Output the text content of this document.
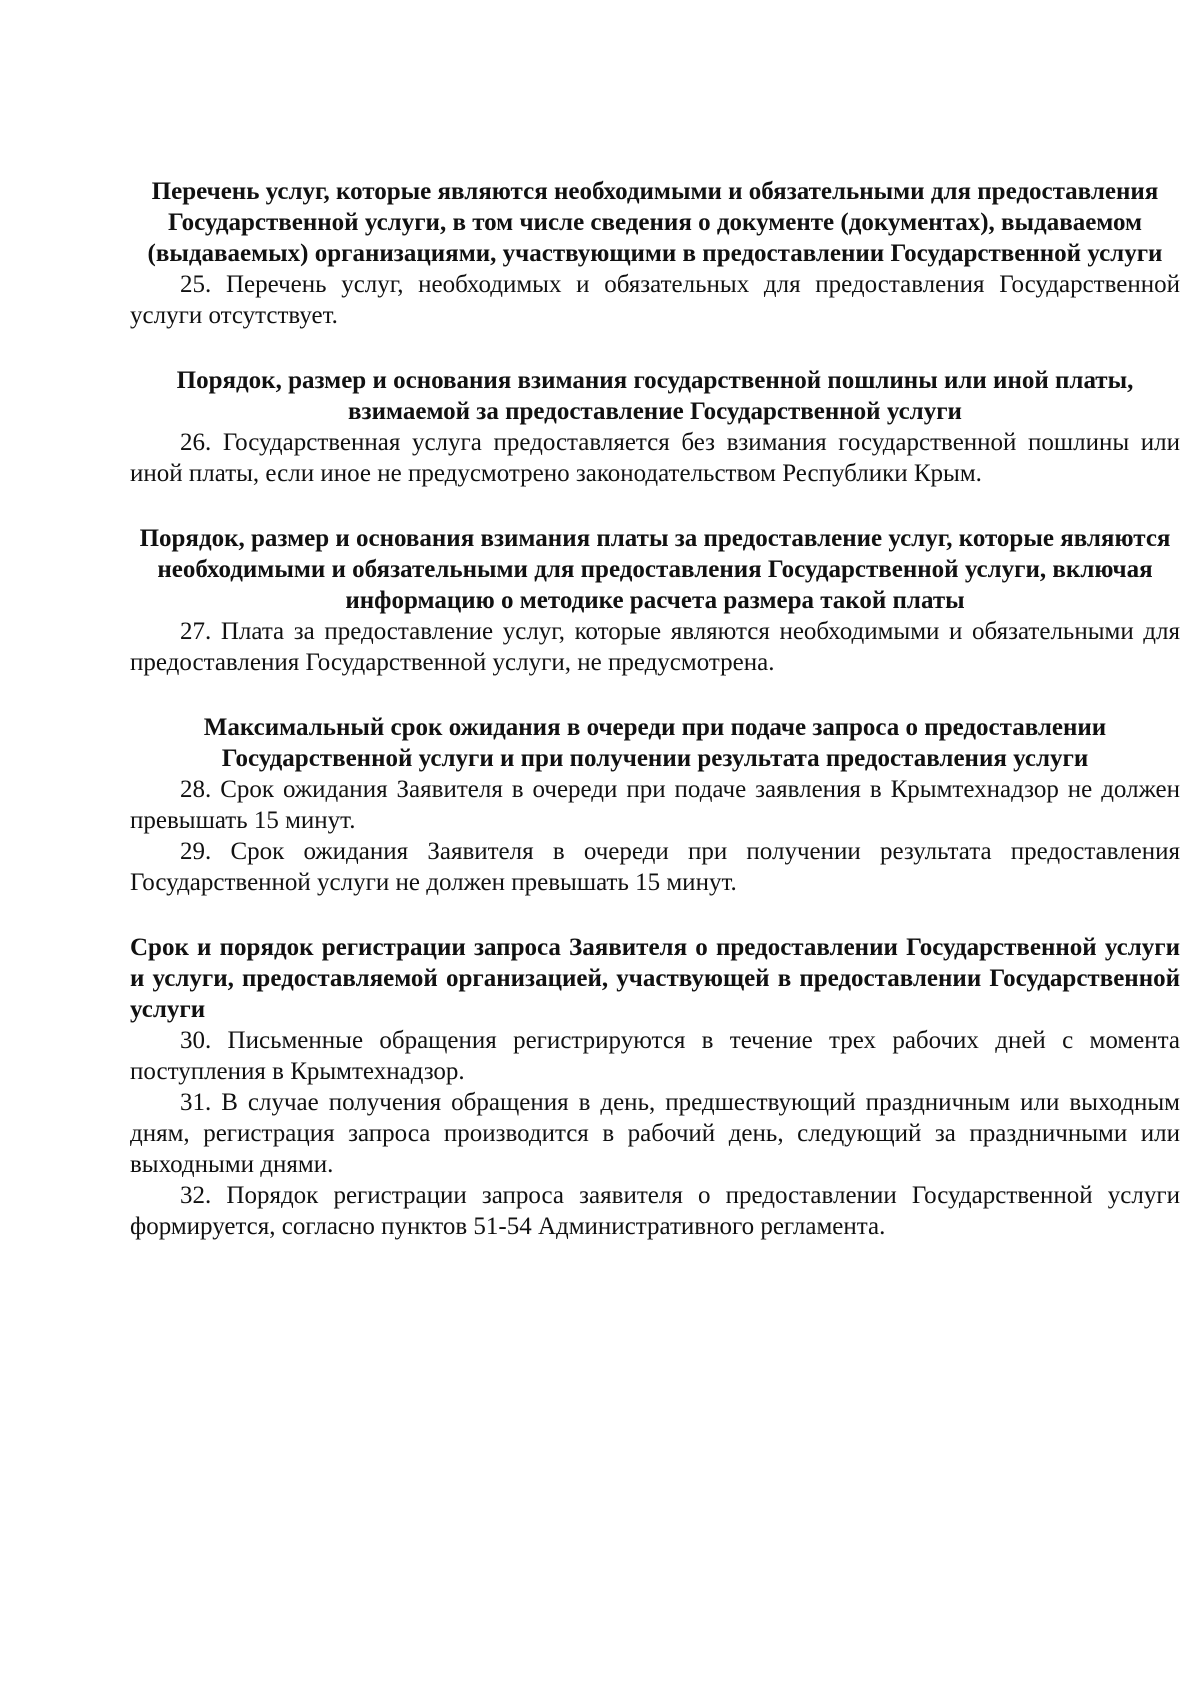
Перечень услуг, которые являются необходимыми и обязательными для предоставления Государственной услуги, в том числе сведения о документе (документах), выдаваемом (выдаваемых) организациями, участвующими в предоставлении Государственной услуги

25. Перечень услуг, необходимых и обязательных для предоставления Государственной услуги отсутствует.

Порядок, размер и основания взимания государственной пошлины или иной платы, взимаемой за предоставление Государственной услуги

26. Государственная услуга предоставляется без взимания государственной пошлины или иной платы, если иное не предусмотрено законодательством Республики Крым.

Порядок, размер и основания взимания платы за предоставление услуг, которые являются необходимыми и обязательными для предоставления Государственной услуги, включая информацию о методике расчета размера такой платы

27. Плата за предоставление услуг, которые являются необходимыми и обязательными для предоставления Государственной услуги, не предусмотрена.

Максимальный срок ожидания в очереди при подаче запроса о предоставлении Государственной услуги и при получении результата предоставления услуги

28. Срок ожидания Заявителя в очереди при подаче заявления в Крымтехнадзор не должен превышать 15 минут.

29. Срок ожидания Заявителя в очереди при получении результата предоставления Государственной услуги не должен превышать 15 минут.

Срок и порядок регистрации запроса Заявителя о предоставлении Государственной услуги и услуги, предоставляемой организацией, участвующей в предоставлении Государственной услуги

30. Письменные обращения регистрируются в течение трех рабочих дней с момента поступления в Крымтехнадзор.

31. В случае получения обращения в день, предшествующий праздничным или выходным дням, регистрация запроса производится в рабочий день, следующий за праздничными или выходными днями.

32. Порядок регистрации запроса заявителя о предоставлении Государственной услуги формируется, согласно пунктов 51-54 Административного регламента.
